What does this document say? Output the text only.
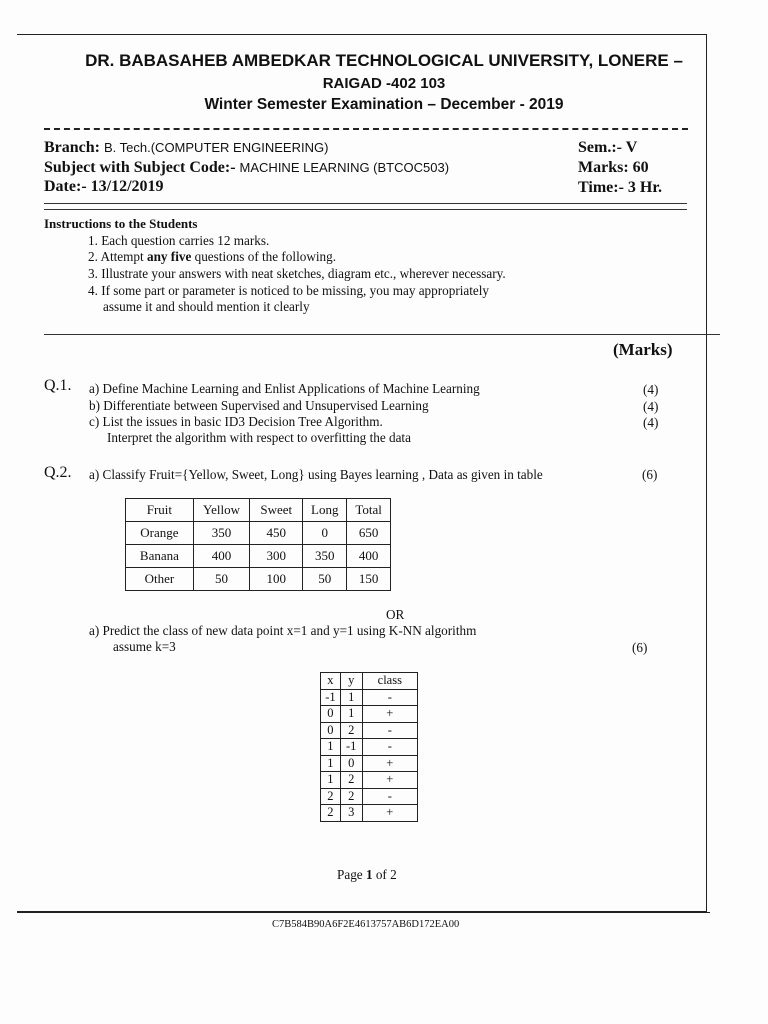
DR. BABASAHEB AMBEDKAR TECHNOLOGICAL UNIVERSITY, LONERE –
RAIGAD -402 103
Winter Semester Examination – December - 2019
Branch: B. Tech.(COMPUTER ENGINEERING)
Subject with Subject Code:- MACHINE LEARNING (BTCOC503)
Date:- 13/12/2019
Sem.:- V
Marks: 60
Time:- 3 Hr.
Instructions to the Students
1. Each question carries 12 marks.
2. Attempt any five questions of the following.
3. Illustrate your answers with neat sketches, diagram etc., wherever necessary.
4. If some part or parameter is noticed to be missing, you may appropriately
assume it and should mention it clearly
(Marks)
Q.1. a) Define Machine Learning and Enlist Applications of Machine Learning	(4)
b) Differentiate between Supervised and Unsupervised Learning	(4)
c) List the issues in basic ID3 Decision Tree Algorithm.	(4)
Interpret the algorithm with respect to overfitting the data
Q.2. a) Classify Fruit={Yellow, Sweet, Long} using Bayes learning , Data as given in table	(6)
Fruit	Yellow	Sweet	Long	Total
Orange	350	450	0	650
Banana	400	300	350	400
Other	50	100	50	150
OR
a) Predict the class of new data point x=1 and y=1 using K-NN algorithm
assume k=3	(6)
x	y	class
-1	1	-
0	1	+
0	2	-
1	-1	-
1	0	+
1	2	+
2	2	-
2	3	+
Page 1 of 2
C7B584B90A6F2E4613757AB6D172EA00
